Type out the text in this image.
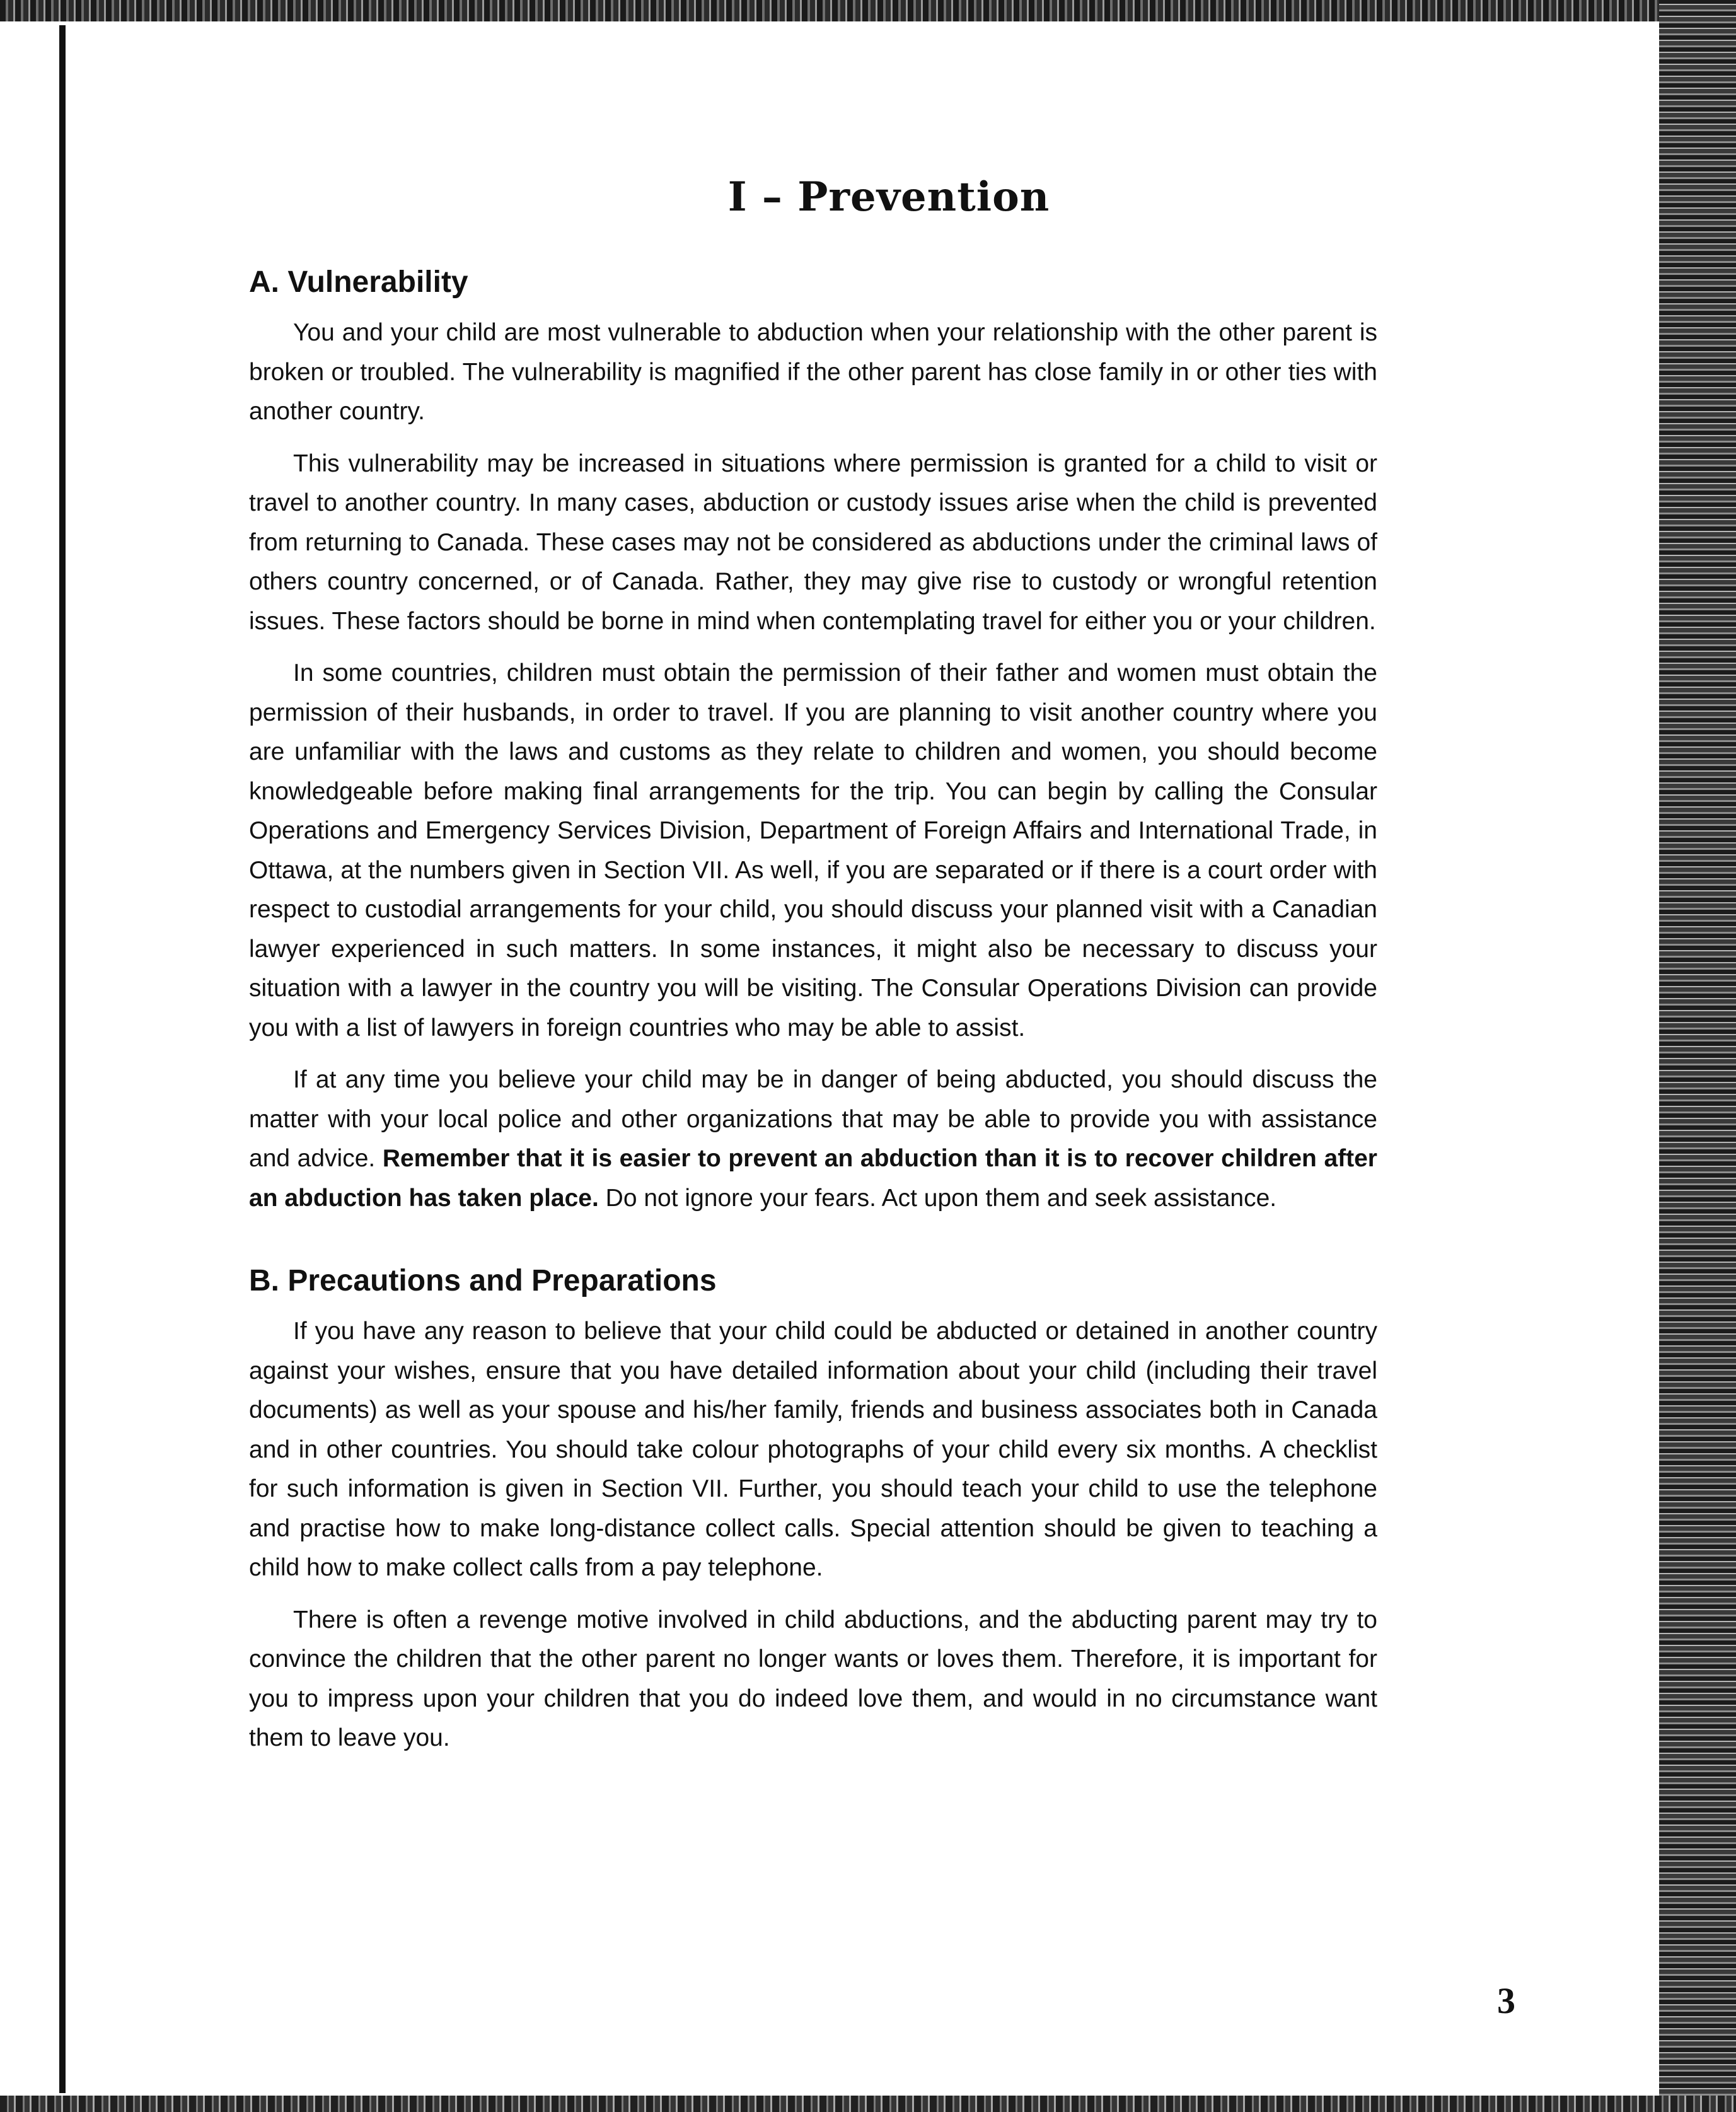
I – Prevention
A. Vulnerability

You and your child are most vulnerable to abduction when your relationship with the other parent is broken or troubled. The vulnerability is magnified if the other parent has close family in or other ties with another country.

This vulnerability may be increased in situations where permission is granted for a child to visit or travel to another country. In many cases, abduction or custody issues arise when the child is prevented from returning to Canada. These cases may not be considered as abductions under the criminal laws of others country concerned, or of Canada. Rather, they may give rise to custody or wrongful retention issues. These factors should be borne in mind when contemplating travel for either you or your children.

In some countries, children must obtain the permission of their father and women must obtain the permission of their husbands, in order to travel. If you are planning to visit another country where you are unfamiliar with the laws and customs as they relate to children and women, you should become knowledgeable before making final arrangements for the trip. You can begin by calling the Consular Operations and Emergency Services Division, Department of Foreign Affairs and International Trade, in Ottawa, at the numbers given in Section VII. As well, if you are separated or if there is a court order with respect to custodial arrangements for your child, you should discuss your planned visit with a Canadian lawyer experienced in such matters. In some instances, it might also be necessary to discuss your situation with a lawyer in the country you will be visiting. The Consular Operations Division can provide you with a list of lawyers in foreign countries who may be able to assist.

If at any time you believe your child may be in danger of being abducted, you should discuss the matter with your local police and other organizations that may be able to provide you with assistance and advice. Remember that it is easier to prevent an abduction than it is to recover children after an abduction has taken place. Do not ignore your fears. Act upon them and seek assistance.

B. Precautions and Preparations

If you have any reason to believe that your child could be abducted or detained in another country against your wishes, ensure that you have detailed information about your child (including their travel documents) as well as your spouse and his/her family, friends and business associates both in Canada and in other countries. You should take colour photographs of your child every six months. A checklist for such information is given in Section VII. Further, you should teach your child to use the telephone and practise how to make long-distance collect calls. Special attention should be given to teaching a child how to make collect calls from a pay telephone.

There is often a revenge motive involved in child abductions, and the abducting parent may try to convince the children that the other parent no longer wants or loves them. Therefore, it is important for you to impress upon your children that you do indeed love them, and would in no circumstance want them to leave you.

3
